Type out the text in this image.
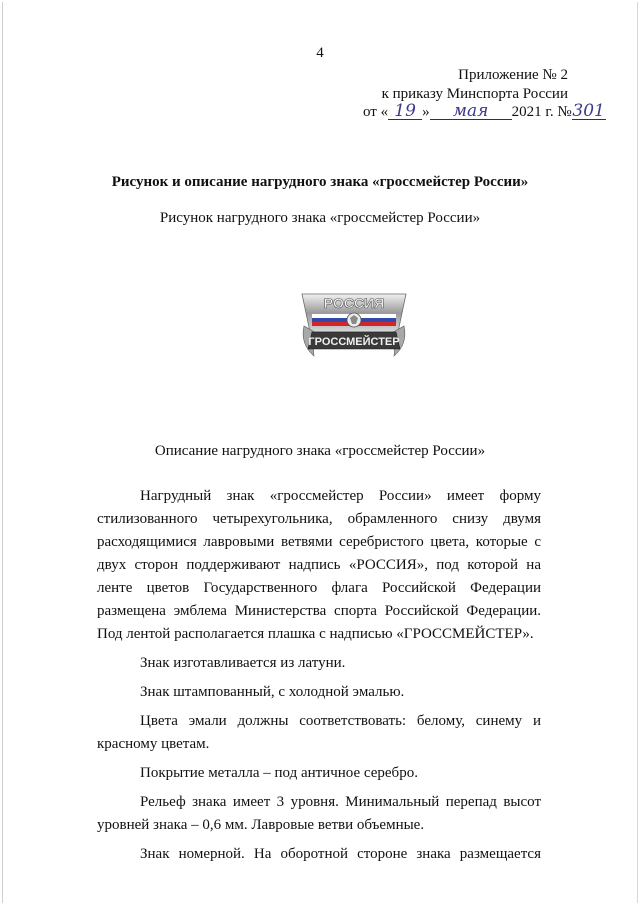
4
Приложение № 2
к приказу Минспорта России
от « 19 » мая 2021 г. №301
Рисунок и описание нагрудного знака «гроссмейстер России»
Рисунок нагрудного знака «гроссмейстер России»
РОССИЯ
ГРОССМЕЙСТЕР
Описание нагрудного знака «гроссмейстер России»

Нагрудный знак «гроссмейстер России» имеет форму стилизованного четырехугольника, обрамленного снизу двумя расходящимися лавровыми ветвями серебристого цвета, которые с двух сторон поддерживают надпись «РОССИЯ», под которой на ленте цветов Государственного флага Российской Федерации размещена эмблема Министерства спорта Российской Федерации. Под лентой располагается плашка с надписью «ГРОССМЕЙСТЕР».

Знак изготавливается из латуни.

Знак штампованный, с холодной эмалью.

Цвета эмали должны соответствовать: белому, синему и красному цветам.

Покрытие металла – под античное серебро.

Рельеф знака имеет 3 уровня. Минимальный перепад высот уровней знака – 0,6 мм. Лавровые ветви объемные.

Знак номерной. На оборотной стороне знака размещается
